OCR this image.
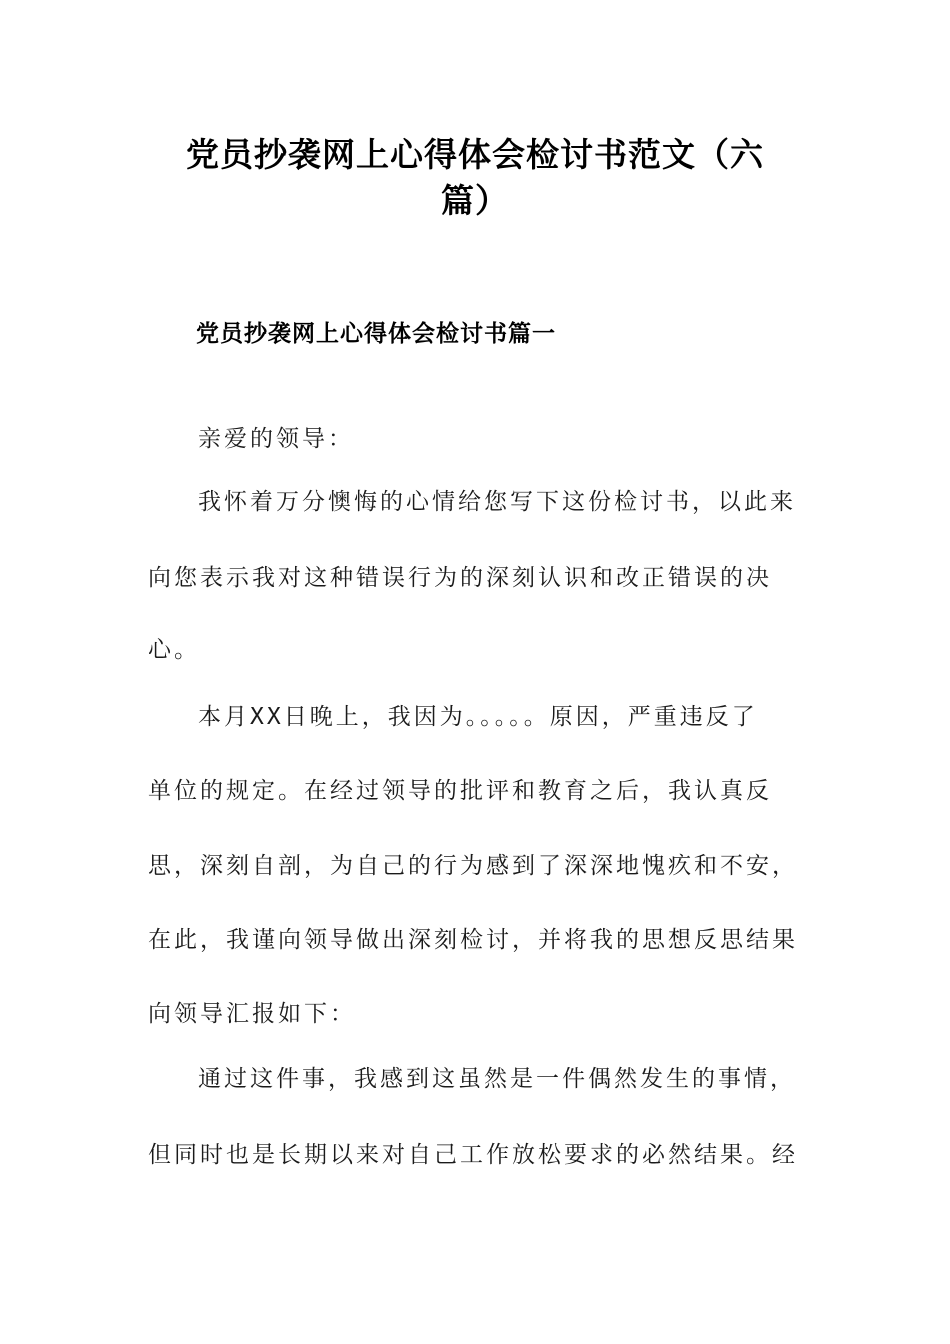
党员抄袭网上心得体会检讨书范文（六
篇）
党员抄袭网上心得体会检讨书篇一

亲爱的领导：

我怀着万分懊悔的心情给您写下这份检讨书，以此来

向您表示我对这种错误行为的深刻认识和改正错误的决

心。

本月XX日晚上，我因为。。。。。原因，严重违反了

单位的规定。在经过领导的批评和教育之后，我认真反

思，深刻自剖，为自己的行为感到了深深地愧疚和不安，

在此，我谨向领导做出深刻检讨，并将我的思想反思结果

向领导汇报如下：

通过这件事，我感到这虽然是一件偶然发生的事情，

但同时也是长期以来对自己工作放松要求的必然结果。经
